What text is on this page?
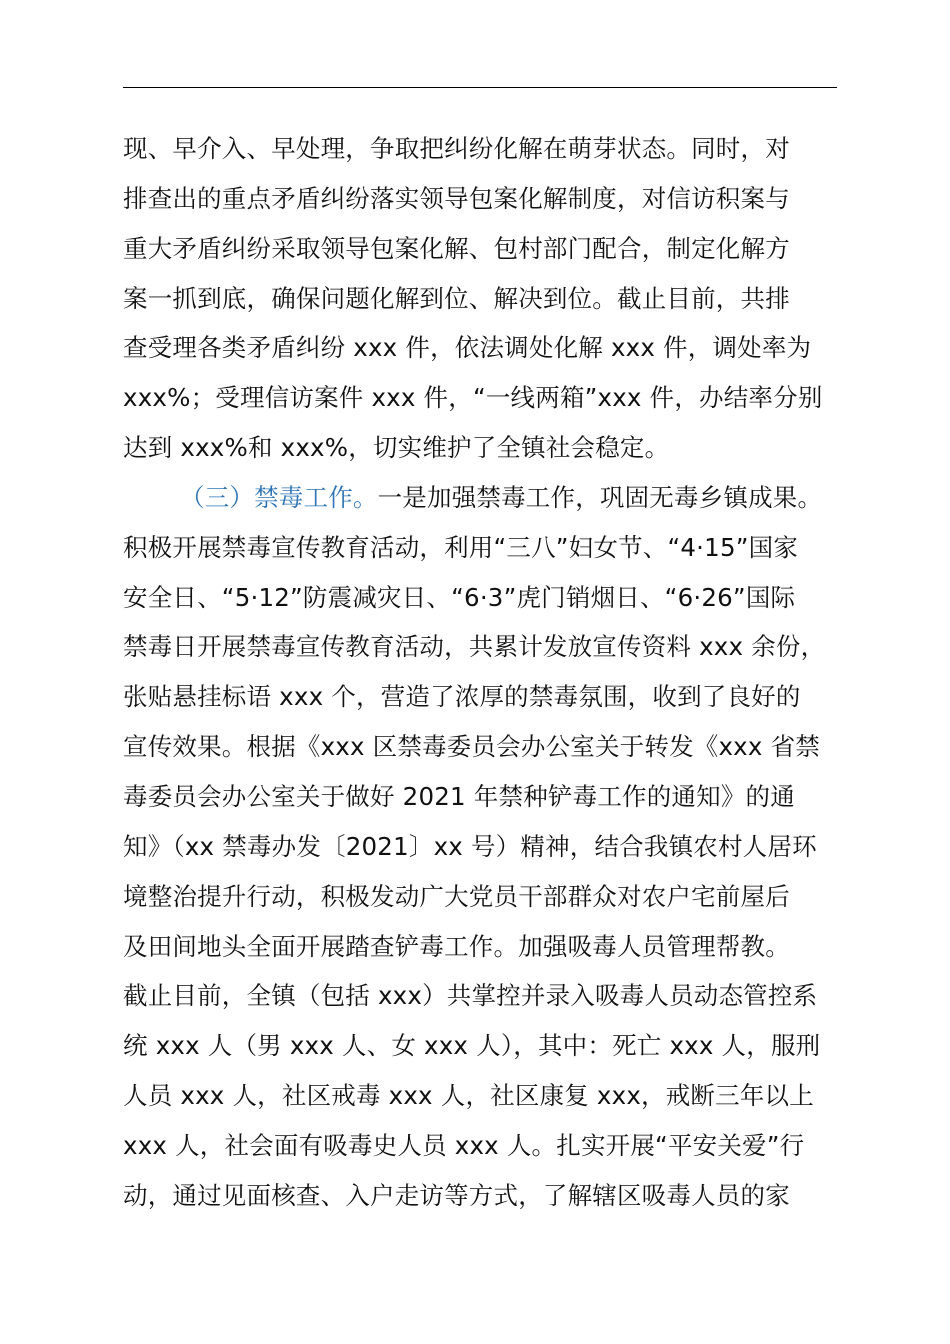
现、早介入、早处理，争取把纠纷化解在萌芽状态。同时，对
排查出的重点矛盾纠纷落实领导包案化解制度，对信访积案与
重大矛盾纠纷采取领导包案化解、包村部门配合，制定化解方
案一抓到底，确保问题化解到位、解决到位。截止目前，共排
查受理各类矛盾纠纷 xxx 件，依法调处化解 xxx 件，调处率为
xxx%；受理信访案件 xxx 件，“一线两箱”xxx 件，办结率分别
达到 xxx%和 xxx%，切实维护了全镇社会稳定。
（三）禁毒工作。一是加强禁毒工作，巩固无毒乡镇成果。
积极开展禁毒宣传教育活动，利用“三八”妇女节、“4·15”国家
安全日、“5·12”防震减灾日、“6·3”虎门销烟日、“6·26”国际
禁毒日开展禁毒宣传教育活动，共累计发放宣传资料 xxx 余份，
张贴悬挂标语 xxx 个，营造了浓厚的禁毒氛围，收到了良好的
宣传效果。根据《xxx 区禁毒委员会办公室关于转发《xxx 省禁
毒委员会办公室关于做好 2021 年禁种铲毒工作的通知》的通
知》（xx 禁毒办发〔2021〕xx 号）精神，结合我镇农村人居环
境整治提升行动，积极发动广大党员干部群众对农户宅前屋后
及田间地头全面开展踏查铲毒工作。加强吸毒人员管理帮教。
截止目前，全镇（包括 xxx）共掌控并录入吸毒人员动态管控系
统 xxx 人（男 xxx 人、女 xxx 人），其中：死亡 xxx 人，服刑
人员 xxx 人，社区戒毒 xxx 人，社区康复 xxx，戒断三年以上
xxx 人，社会面有吸毒史人员 xxx 人。扎实开展“平安关爱”行
动，通过见面核查、入户走访等方式，了解辖区吸毒人员的家
